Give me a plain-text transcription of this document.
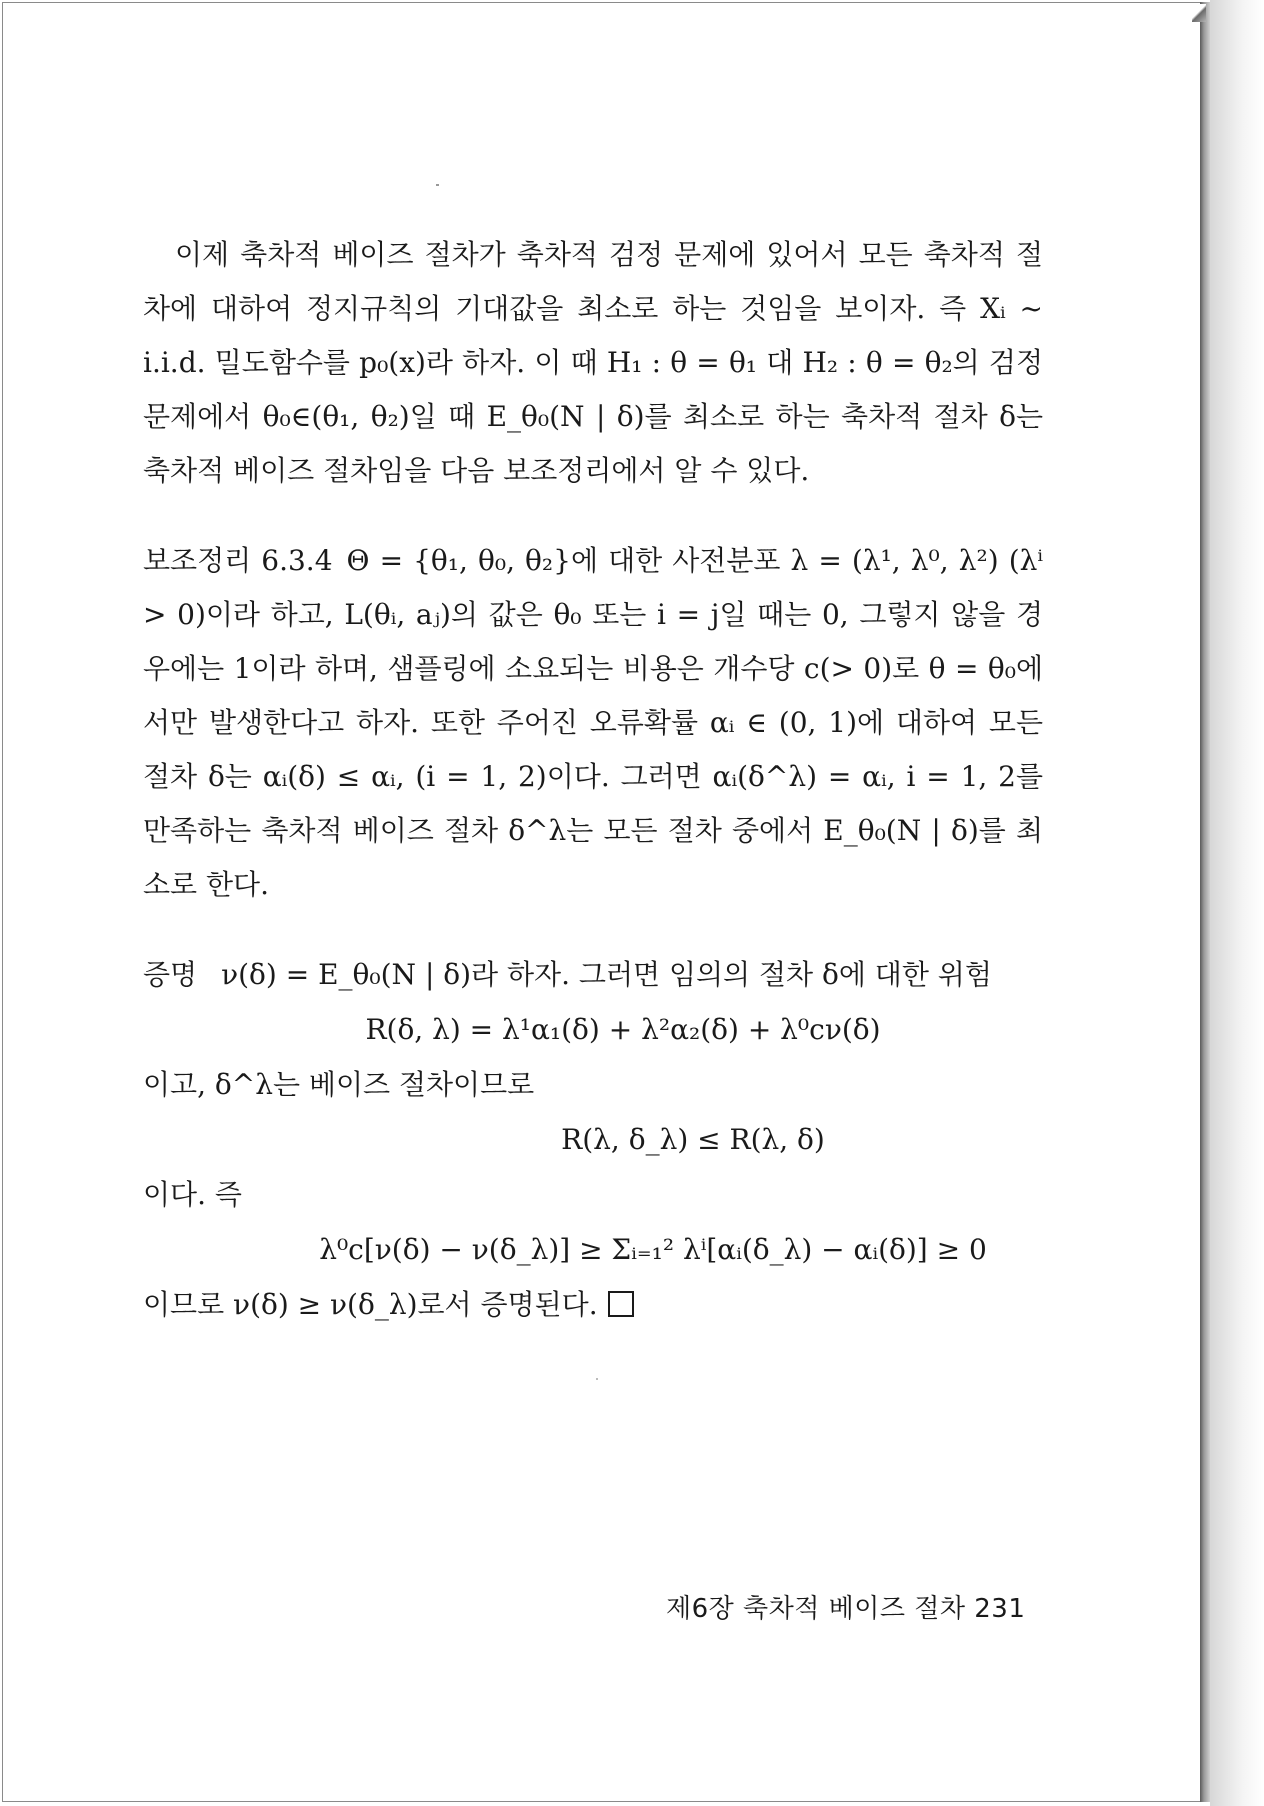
이제 축차적 베이즈 절차가 축차적 검정 문제에 있어서 모든 축차적 절차에 대하여 정지규칙의 기대값을 최소로 하는 것임을 보이자. 즉 Xᵢ ~ i.i.d. 밀도함수를 p₀(x)라 하자. 이 때 H₁ : θ = θ₁ 대 H₂ : θ = θ₂의 검정문제에서 θ₀∈(θ₁, θ₂)일 때 E_θ₀(N | δ)를 최소로 하는 축차적 절차 δ는 축차적 베이즈 절차임을 다음 보조정리에서 알 수 있다.

보조정리 6.3.4 Θ = {θ₁, θ₀, θ₂}에 대한 사전분포 λ = (λ¹, λ⁰, λ²) (λⁱ > 0)이라 하고, L(θᵢ, aⱼ)의 값은 θ₀ 또는 i = j일 때는 0, 그렇지 않을 경우에는 1이라 하며, 샘플링에 소요되는 비용은 개수당 c(> 0)로 θ = θ₀에서만 발생한다고 하자. 또한 주어진 오류확률 αᵢ ∈ (0, 1)에 대하여 모든 절차 δ는 αᵢ(δ) ≤ αᵢ, (i = 1, 2)이다. 그러면 αᵢ(δ^λ) = αᵢ, i = 1, 2를 만족하는 축차적 베이즈 절차 δ^λ는 모든 절차 중에서 E_θ₀(N | δ)를 최소로 한다.

증명 ν(δ) = E_θ₀(N | δ)라 하자. 그러면 임의의 절차 δ에 대한 위험

R(δ, λ) = λ¹α₁(δ) + λ²α₂(δ) + λ⁰cν(δ)

이고, δ^λ는 베이즈 절차이므로

R(λ, δ_λ) ≤ R(λ, δ)

이다. 즉

λ⁰c[ν(δ) − ν(δ_λ)] ≥ Σᵢ₌₁² λⁱ[αᵢ(δ_λ) − αᵢ(δ)] ≥ 0

이므로 ν(δ) ≥ ν(δ_λ)로서 증명된다.

제6장 축차적 베이즈 절차 231
